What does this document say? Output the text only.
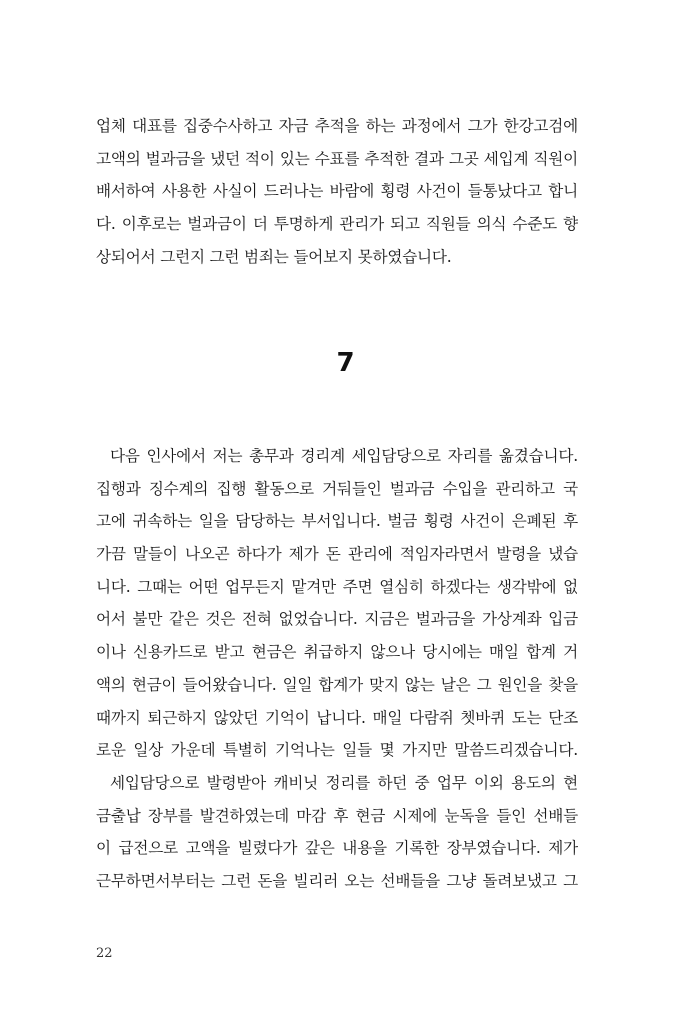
업체 대표를 집중수사하고 자금 추적을 하는 과정에서 그가 한강고검에
고액의 벌과금을 냈던 적이 있는 수표를 추적한 결과 그곳 세입계 직원이
배서하여 사용한 사실이 드러나는 바람에 횡령 사건이 들통났다고 합니
다. 이후로는 벌과금이 더 투명하게 관리가 되고 직원들 의식 수준도 향
상되어서 그런지 그런 범죄는 들어보지 못하였습니다.
7
다음 인사에서 저는 총무과 경리계 세입담당으로 자리를 옮겼습니다.
집행과 징수계의 집행 활동으로 거둬들인 벌과금 수입을 관리하고 국
고에 귀속하는 일을 담당하는 부서입니다. 벌금 횡령 사건이 은폐된 후
가끔 말들이 나오곤 하다가 제가 돈 관리에 적임자라면서 발령을 냈습
니다. 그때는 어떤 업무든지 맡겨만 주면 열심히 하겠다는 생각밖에 없
어서 불만 같은 것은 전혀 없었습니다. 지금은 벌과금을 가상계좌 입금
이나 신용카드로 받고 현금은 취급하지 않으나 당시에는 매일 합계 거
액의 현금이 들어왔습니다. 일일 합계가 맞지 않는 날은 그 원인을 찾을
때까지 퇴근하지 않았던 기억이 납니다. 매일 다람쥐 쳇바퀴 도는 단조
로운 일상 가운데 특별히 기억나는 일들 몇 가지만 말씀드리겠습니다.
세입담당으로 발령받아 캐비닛 정리를 하던 중 업무 이외 용도의 현
금출납 장부를 발견하였는데 마감 후 현금 시제에 눈독을 들인 선배들
이 급전으로 고액을 빌렸다가 갚은 내용을 기록한 장부였습니다. 제가
근무하면서부터는 그런 돈을 빌리러 오는 선배들을 그냥 돌려보냈고 그
22
